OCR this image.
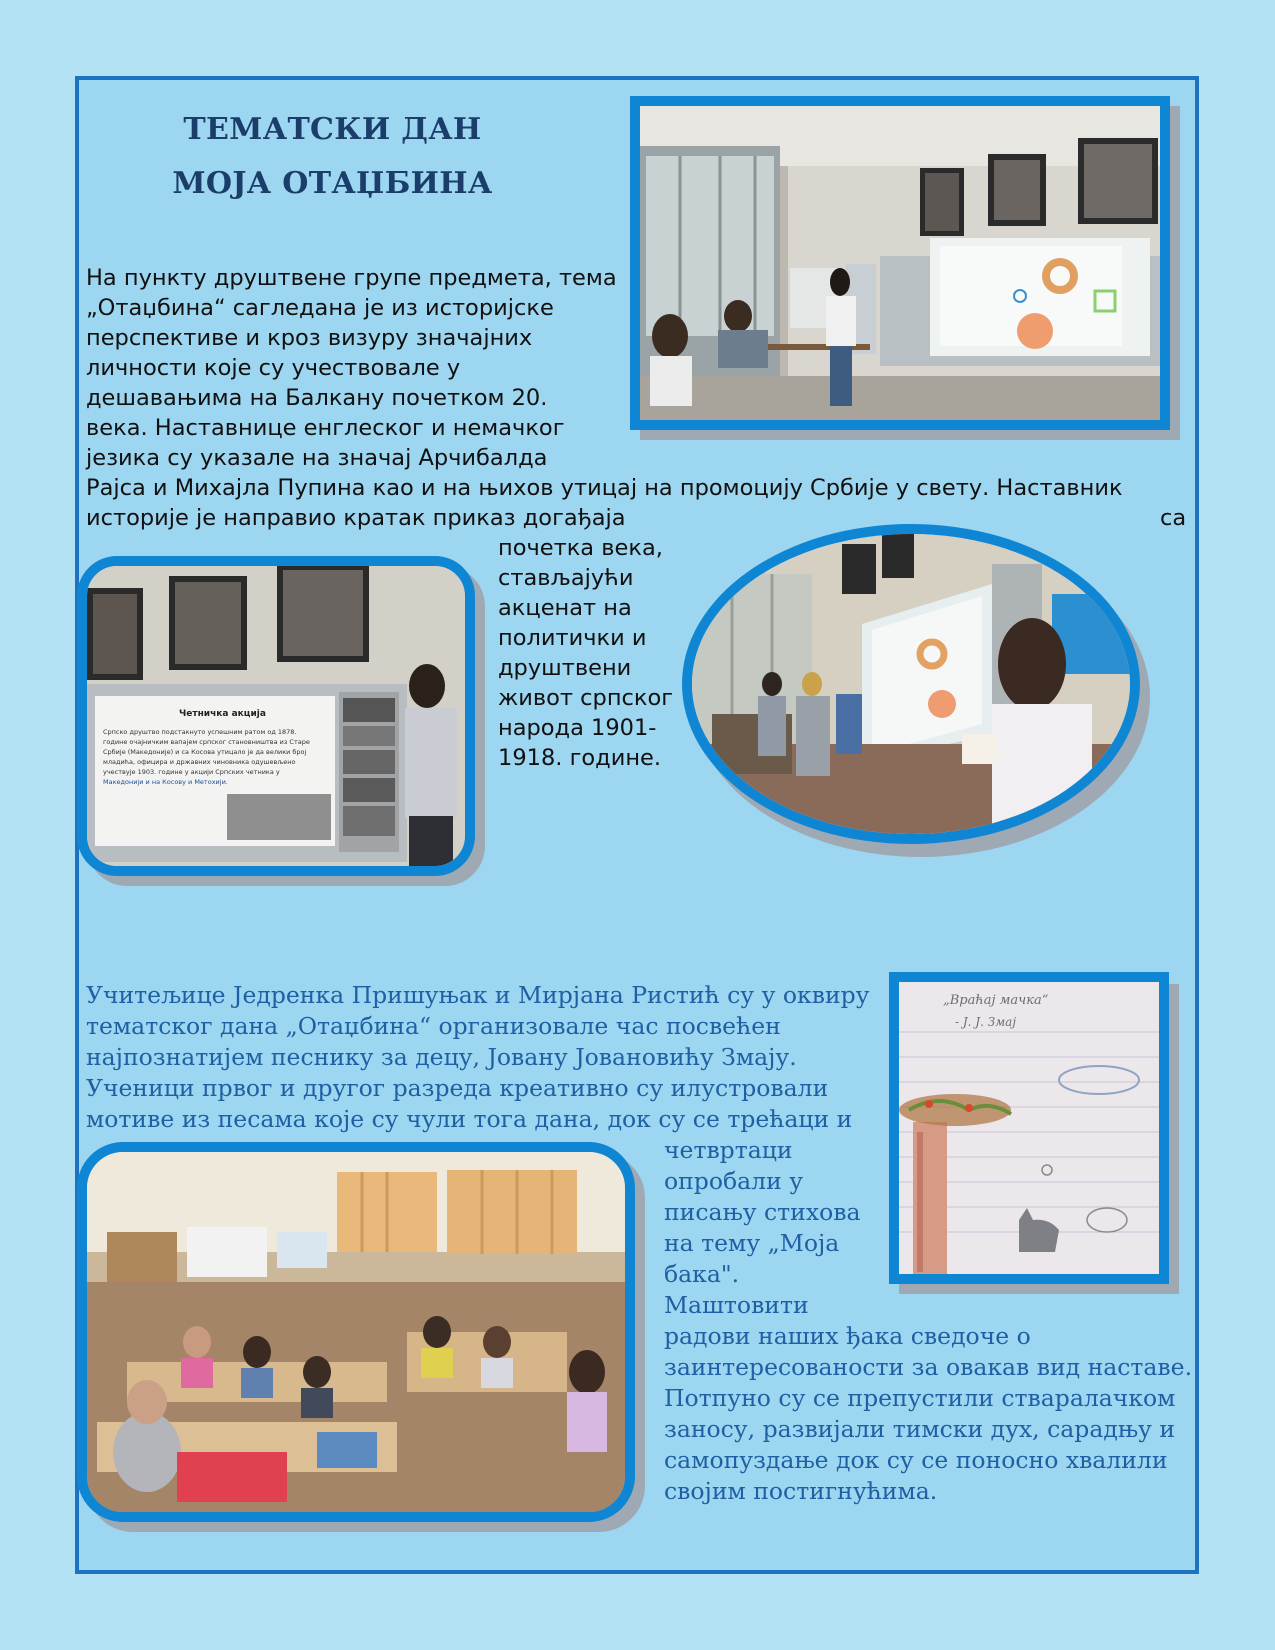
ТЕМАТСКИ ДАН
МОЈА ОТАЏБИНА
На пункту друштвене групе предмета, тема
„Отаџбина“ сагледана је из историјске
перспективе и кроз визуру значајних
личности које су учествовале у
дешавањима на Балкану почетком 20.
века. Наставнице енглеског и немачког
језика су указале на значај Арчибалда
Рајса и Михајла Пупина као и на њихов утицај на промоцију Србије у свету. Наставник
историје је направио кратак приказ догађаја	са
почетка века,
стављајући
акценат на
политички и
друштвени
живот српског
народа 1901-
1918. године.
Четничка акција
Српско друштво подстакнуто успешним ратом од 1878.
године очајничким вапајем српског становништва из Старе
Србије (Македоније) и са Косова утицало је да велики број
младића, официра и државних чиновника одушевљено
учествује 1903. године у акцији Српских четника у
Македонији и на Косову и Метохији.
Учитељице Једренка Пришуњак и Мирјана Ристић су у оквиру
тематског дана „Отаџбина“ организовале час посвећен
најпознатијем песнику за децу, Јовану Јовановићу Змају.
Ученици првог и другог разреда креативно су илустровали
мотиве из песама које су чули тога дана, док су се трећаци и
четвртаци
опробали у
писању стихова
на тему „Моја
бака".
Маштовити
радови наших ђака сведоче о
заинтересованости за овакав вид наставе.
Потпуно су се препустили стваралачком
заносу, развијали тимски дух, сарадњу и
самопуздање док су се поносно хвалили
својим постигнућима.
„Враћај мачка“
- Ј. Ј. Змај
